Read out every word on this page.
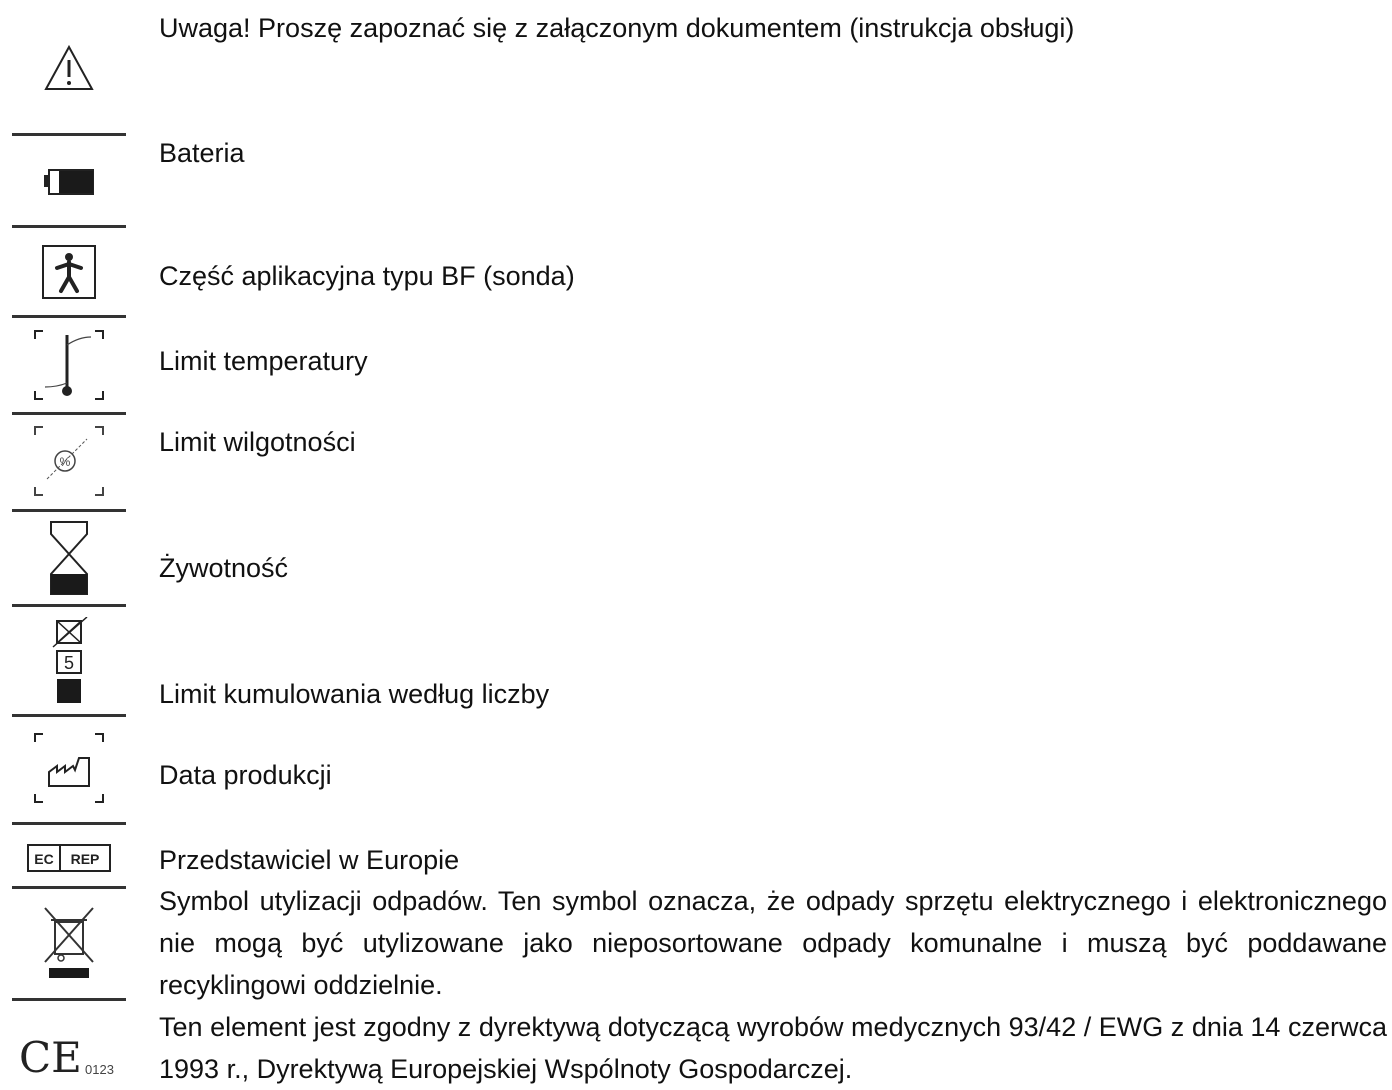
Uwaga! Proszę zapoznać się z załączonym dokumentem (instrukcja obsługi)
Bateria
Część aplikacyjna typu BF (sonda)
Limit temperatury
%
Limit wilgotności
Żywotność
5
Limit kumulowania według liczby
Data produkcji
EC REP Przedstawiciel w Europie
Symbol utylizacji odpadów. Ten symbol oznacza, że odpady sprzętu elektrycznego i elektronicznego nie mogą być utylizowane jako nieposortowane odpady komunalne i muszą być poddawane recyklingowi oddzielnie.
CE 0123
Ten element jest zgodny z dyrektywą dotyczącą wyrobów medycznych 93/42 / EWG z dnia 14 czerwca 1993 r., Dyrektywą Europejskiej Wspólnoty Gospodarczej.
